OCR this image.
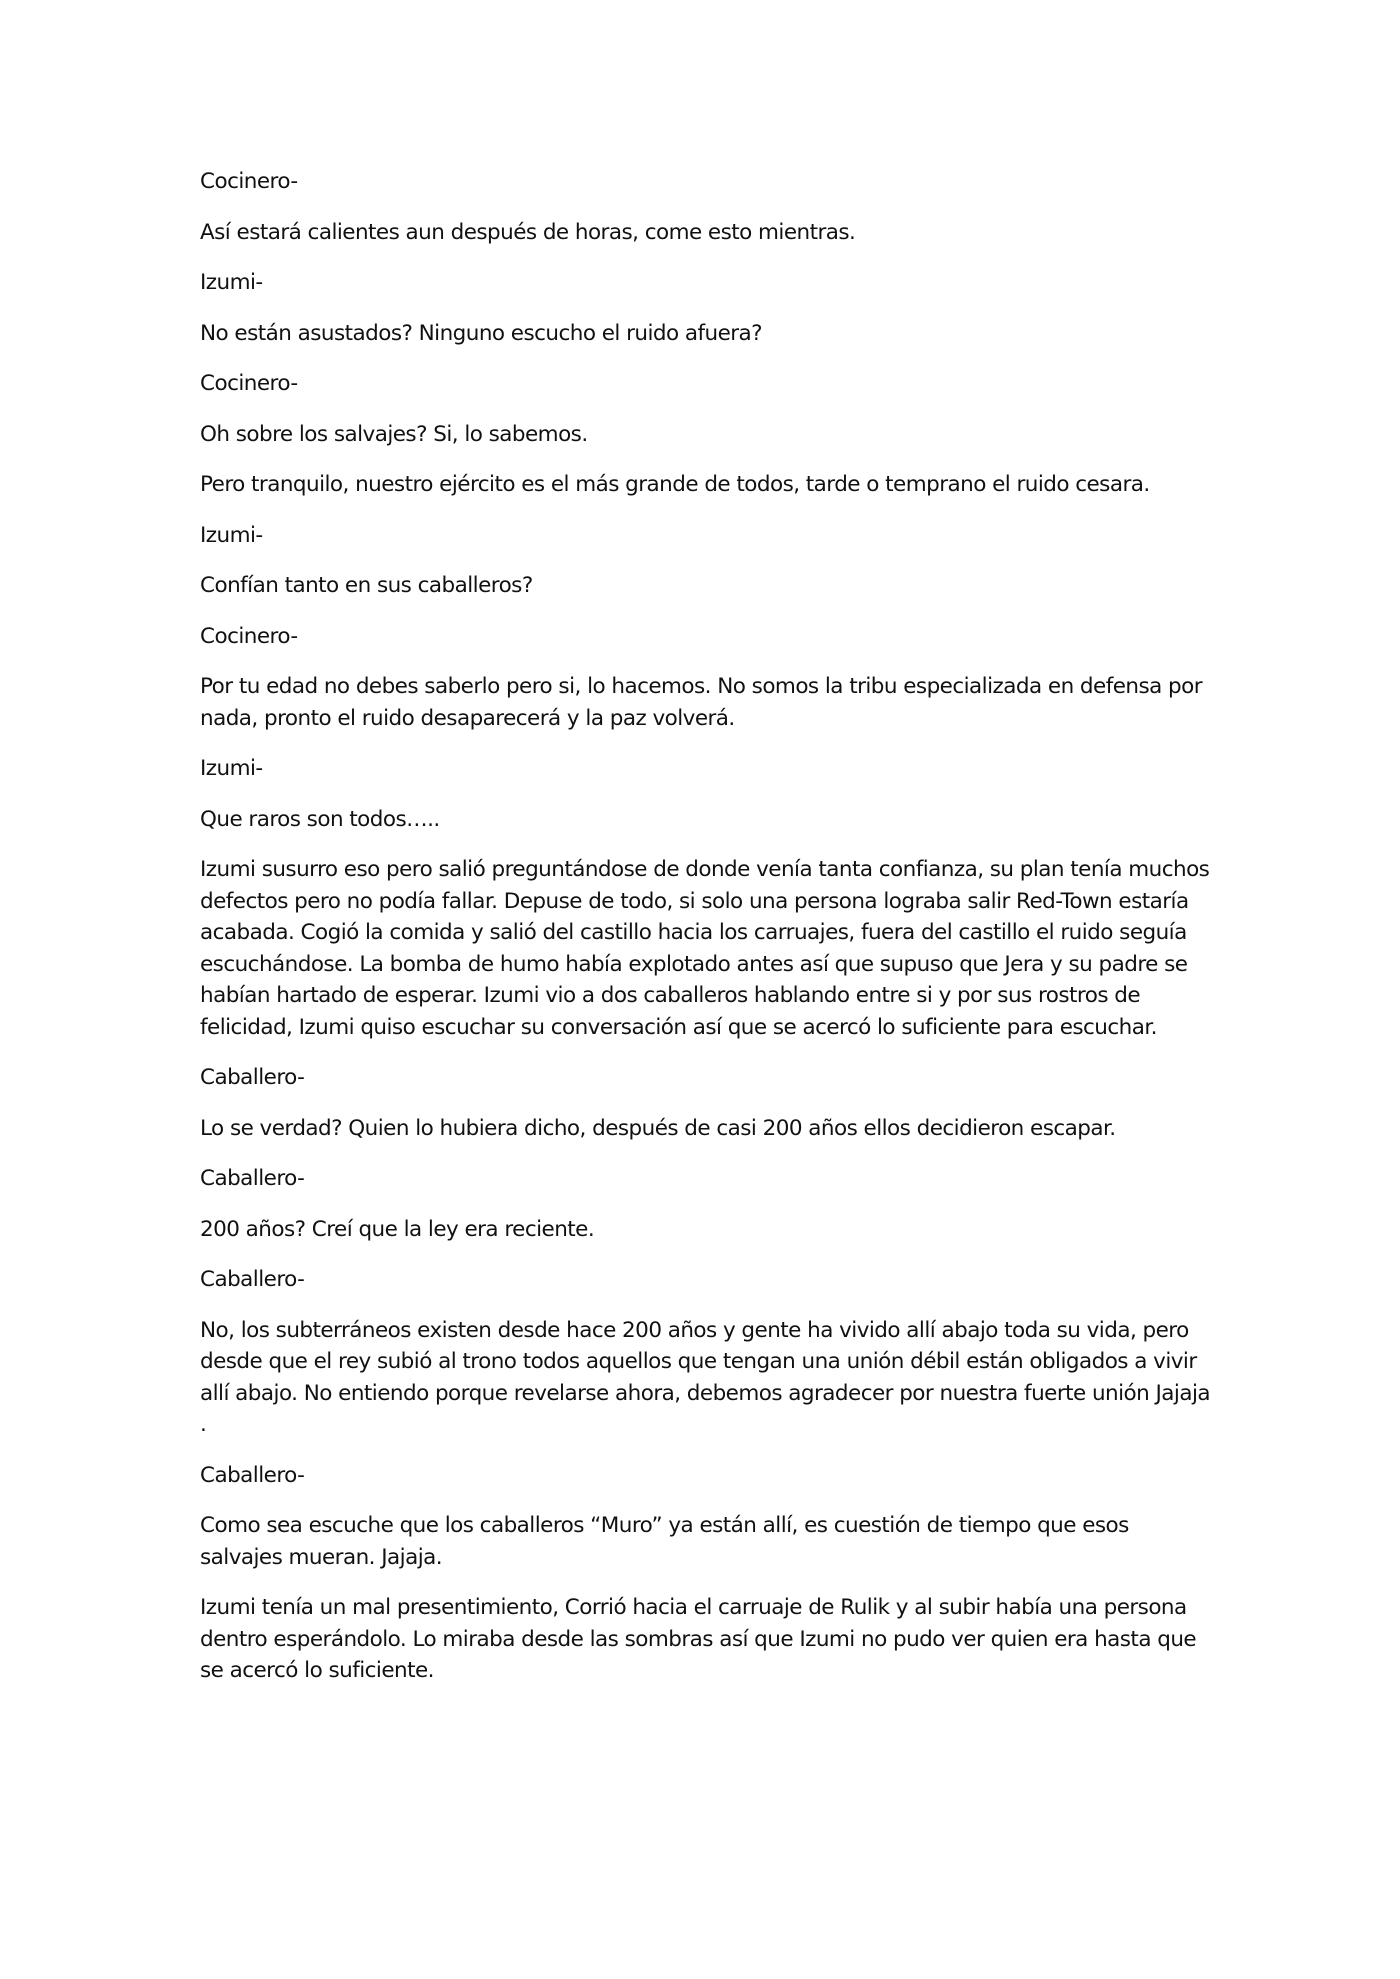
Cocinero-

Así estará calientes aun después de horas, come esto mientras.

Izumi-

No están asustados? Ninguno escucho el ruido afuera?

Cocinero-

Oh sobre los salvajes? Si, lo sabemos.

Pero tranquilo, nuestro ejército es el más grande de todos, tarde o temprano el ruido cesara.

Izumi-

Confían tanto en sus caballeros?

Cocinero-

Por tu edad no debes saberlo pero si, lo hacemos. No somos la tribu especializada en defensa por nada, pronto el ruido desaparecerá y la paz volverá.

Izumi-

Que raros son todos…..

Izumi susurro eso pero salió preguntándose de donde venía tanta confianza, su plan tenía muchos defectos pero no podía fallar. Depuse de todo, si solo una persona lograba salir Red-Town estaría acabada. Cogió la comida y salió del castillo hacia los carruajes, fuera del castillo el ruido seguía escuchándose. La bomba de humo había explotado antes así que supuso que Jera y su padre se habían hartado de esperar. Izumi vio a dos caballeros hablando entre si y por sus rostros de felicidad, Izumi quiso escuchar su conversación así que se acercó lo suficiente para escuchar.

Caballero-

Lo se verdad? Quien lo hubiera dicho, después de casi 200 años ellos decidieron escapar.

Caballero-

200 años? Creí que la ley era reciente.

Caballero-

No, los subterráneos existen desde hace 200 años y gente ha vivido allí abajo toda su vida, pero desde que el rey subió al trono todos aquellos que tengan una unión débil están obligados a vivir allí abajo. No entiendo porque revelarse ahora, debemos agradecer por nuestra fuerte unión Jajaja .

Caballero-

Como sea escuche que los caballeros “Muro” ya están allí, es cuestión de tiempo que esos salvajes mueran. Jajaja.

Izumi tenía un mal presentimiento, Corrió hacia el carruaje de Rulik y al subir había una persona dentro esperándolo. Lo miraba desde las sombras así que Izumi no pudo ver quien era hasta que se acercó lo suficiente.
